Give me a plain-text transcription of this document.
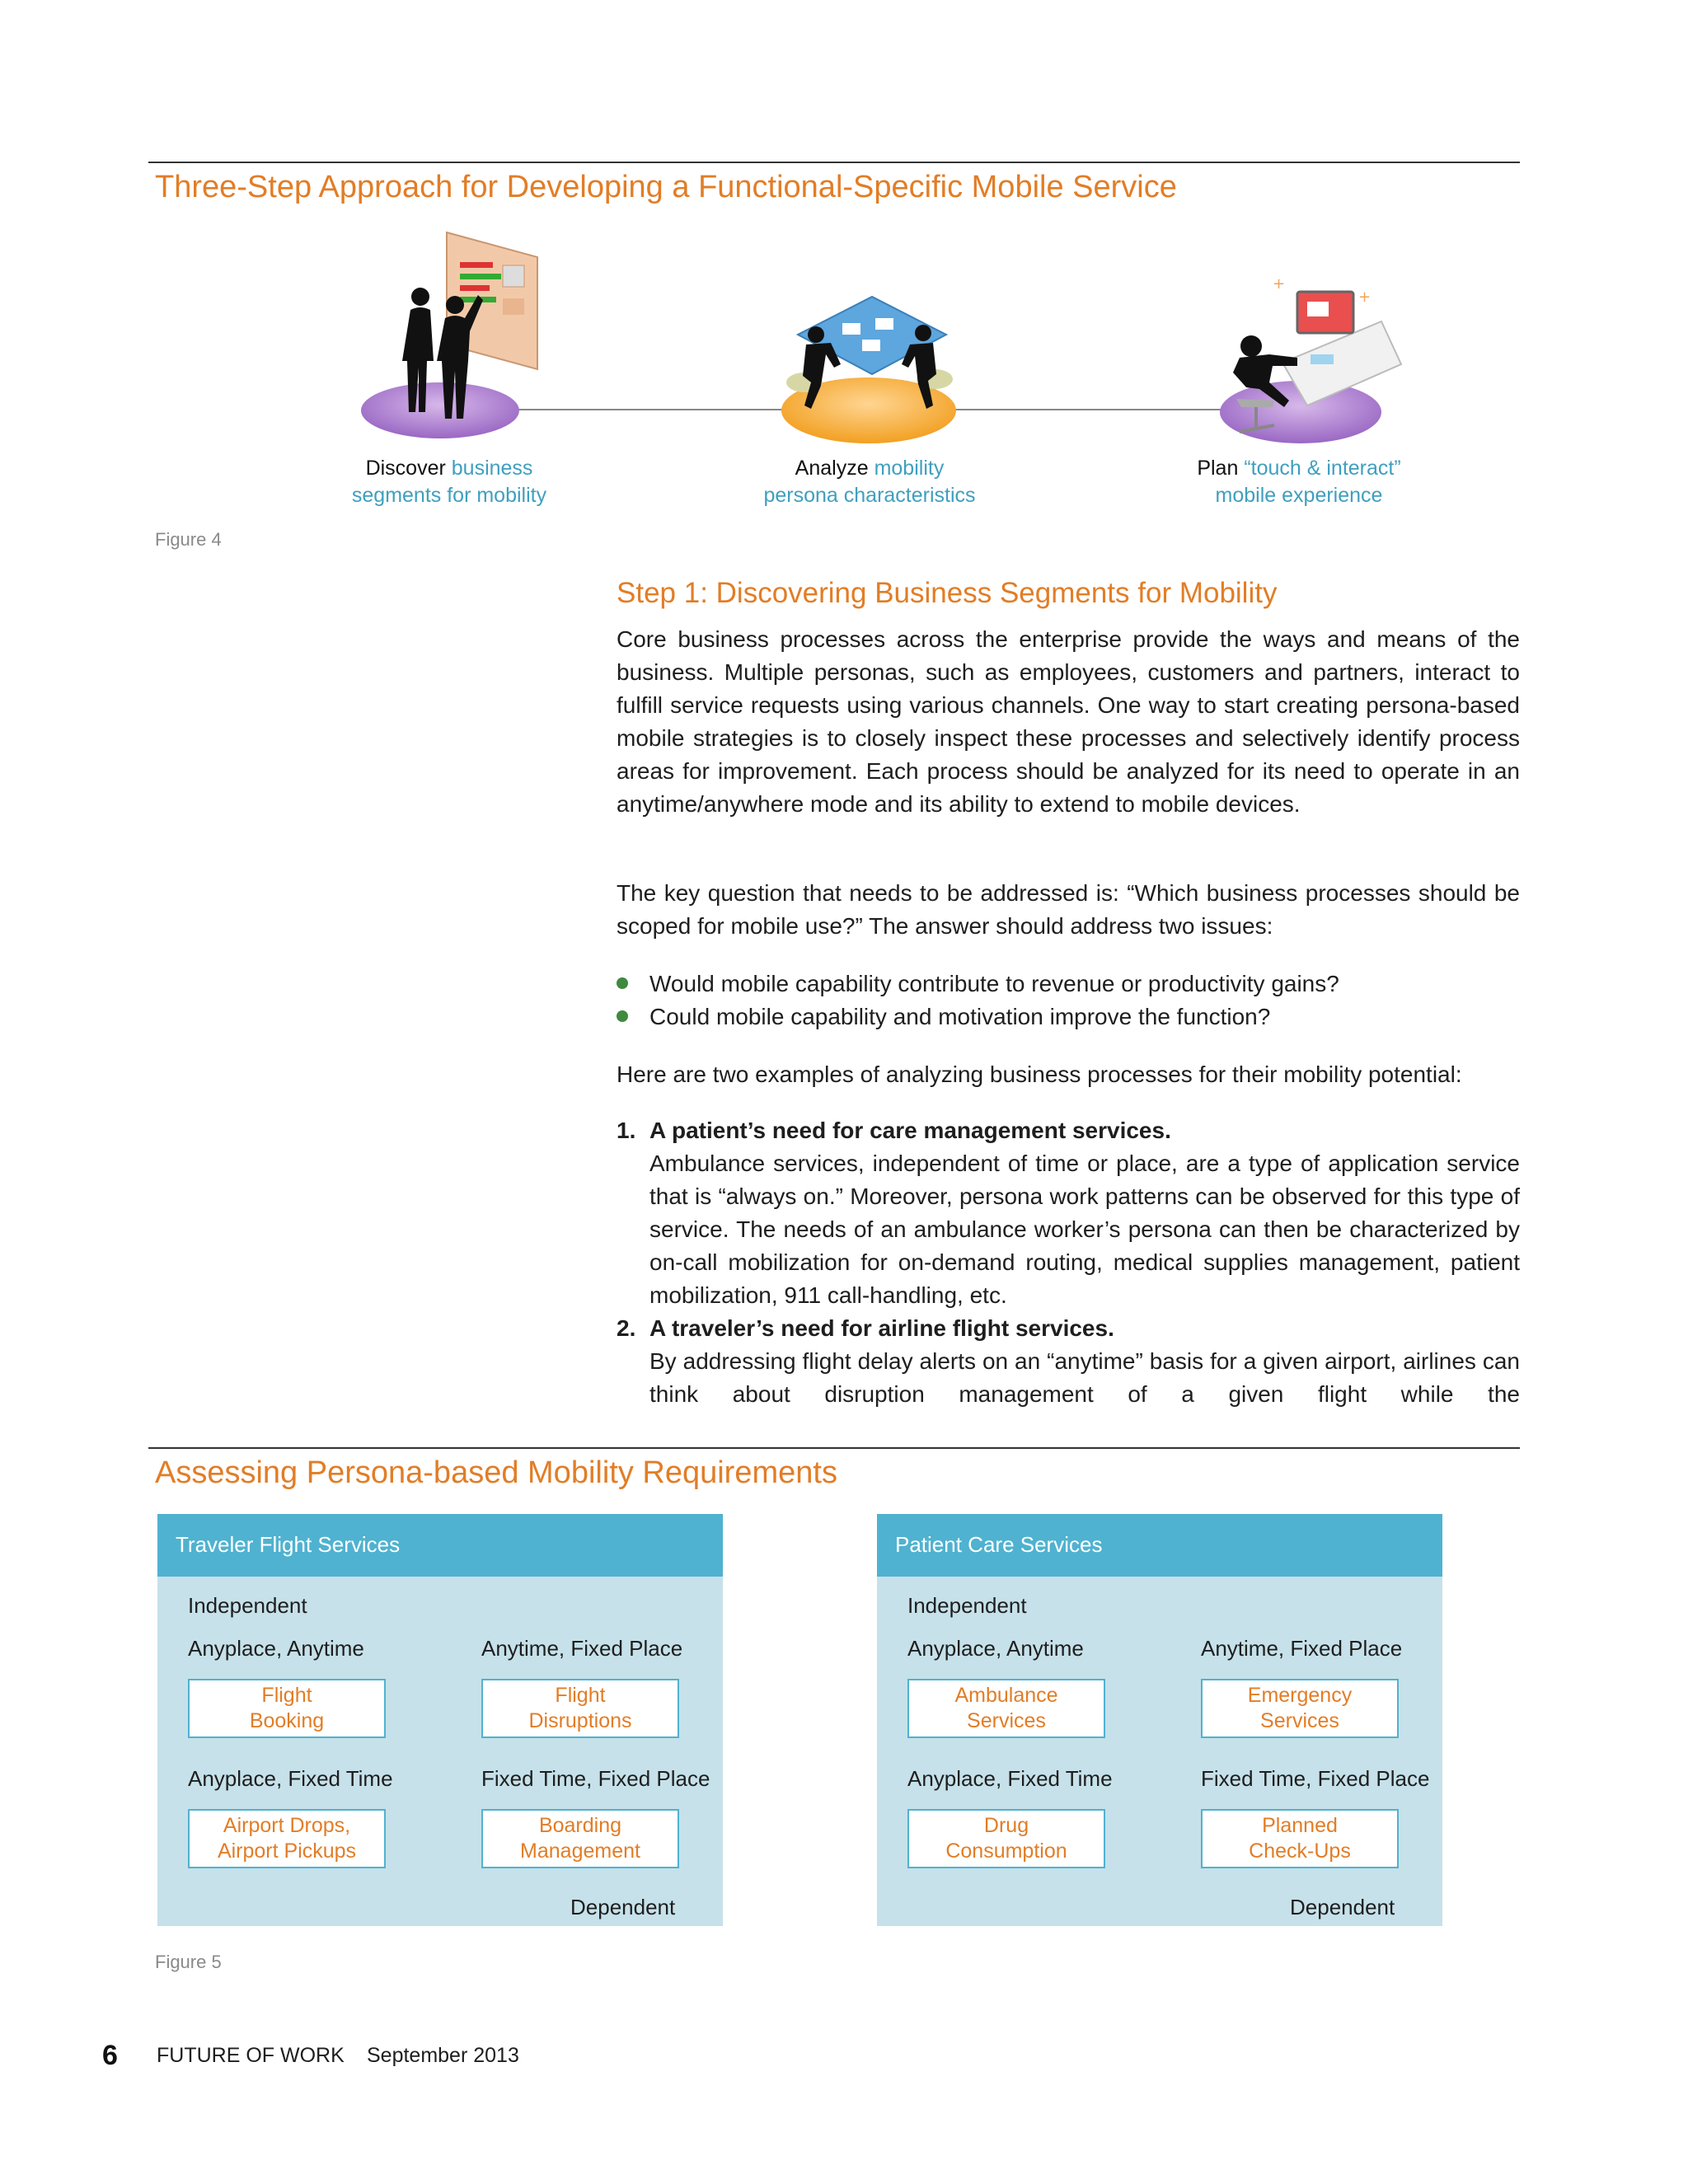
Three-Step Approach for Developing a Functional-Specific Mobile Service
+
+
Discover business
segments for mobility
Analyze mobility
persona characteristics
Plan “touch & interact”
mobile experience
Figure 4
Step 1: Discovering Business Segments for Mobility

Core business processes across the enterprise provide the ways and means of the business. Multiple personas, such as employees, customers and partners, interact to fulfill service requests using various channels. One way to start creating persona-based mobile strategies is to closely inspect these processes and selectively identify process areas for improvement. Each process should be analyzed for its need to operate in an anytime/anywhere mode and its ability to extend to mobile devices.

The key question that needs to be addressed is: “Which business processes should be scoped for mobile use?” The answer should address two issues:

Would mobile capability contribute to revenue or productivity gains?
Could mobile capability and motivation improve the function?

Here are two examples of analyzing business processes for their mobility potential:

1. A patient’s need for care management services.

Ambulance services, independent of time or place, are a type of application service that is “always on.” Moreover, persona work patterns can be observed for this type of service. The needs of an ambulance worker’s persona can then be characterized by on-call mobilization for on-demand routing, medical supplies management, patient mobilization, 911 call-handling, etc.

2. A traveler’s need for airline flight services.

By addressing flight delay alerts on an “anytime” basis for a given airport, airlines can think about disruption management of a given flight while the

Assessing Persona-based Mobility Requirements
Traveler Flight Services
Independent
Anyplace, Anytime	Anytime, Fixed Place
Flight
Booking
Flight
Disruptions
Anyplace, Fixed Time	Fixed Time, Fixed Place
Airport Drops,
Airport Pickups
Boarding
Management
Dependent
Patient Care Services
Independent
Anyplace, Anytime	Anytime, Fixed Place
Ambulance
Services
Emergency
Services
Anyplace, Fixed Time	Fixed Time, Fixed Place
Drug
Consumption
Planned
Check-Ups
Dependent
Figure 5
6 FUTURE OF WORK September 2013
